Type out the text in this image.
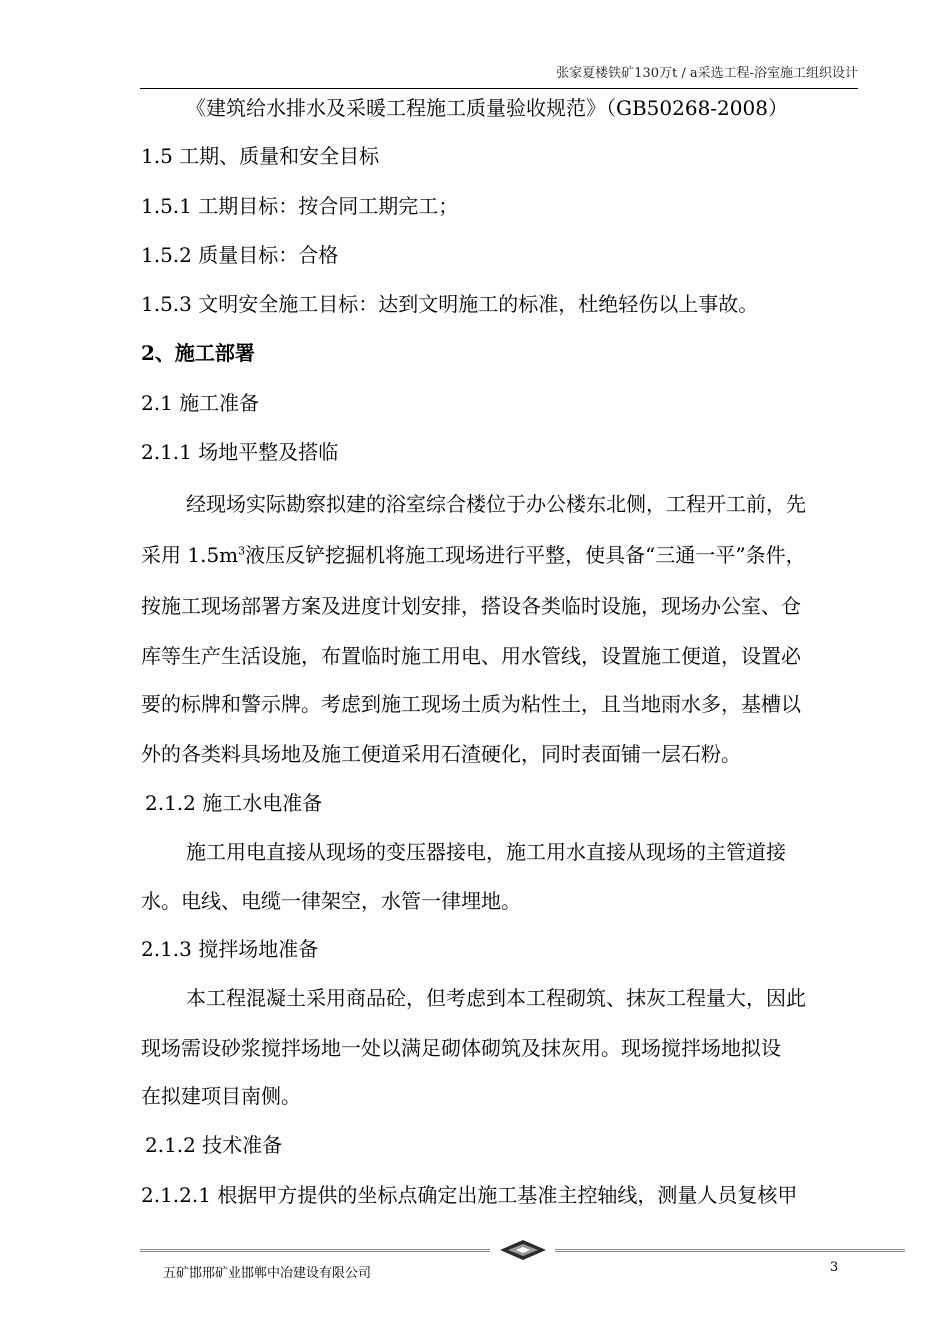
张家夏楼铁矿130万t / a采选工程-浴室施工组织设计
《建筑给水排水及采暖工程施工质量验收规范》（GB50268-2008）
1.5 工期、质量和安全目标
1.5.1 工期目标：按合同工期完工；
1.5.2 质量目标：合格
1.5.3 文明安全施工目标：达到文明施工的标准，杜绝轻伤以上事故。
2、施工部署
2.1 施工准备
2.1.1 场地平整及搭临
经现场实际勘察拟建的浴室综合楼位于办公楼东北侧，工程开工前，先
采用 $1.5m^3$液压反铲挖掘机将施工现场进行平整，使具备“三通一平”条件，
按施工现场部署方案及进度计划安排，搭设各类临时设施，现场办公室、仓
库等生产生活设施，布置临时施工用电、用水管线，设置施工便道，设置必
要的标牌和警示牌。考虑到施工现场土质为粘性土，且当地雨水多，基槽以
外的各类料具场地及施工便道采用石渣硬化，同时表面铺一层石粉。
2.1.2 施工水电准备
施工用电直接从现场的变压器接电，施工用水直接从现场的主管道接
水。电线、电缆一律架空，水管一律埋地。
2.1.3 搅拌场地准备
本工程混凝土采用商品砼，但考虑到本工程砌筑、抹灰工程量大，因此
现场需设砂浆搅拌场地一处以满足砌体砌筑及抹灰用。现场搅拌场地拟设
在拟建项目南侧。
2.1.2 技术准备
2.1.2.1 根据甲方提供的坐标点确定出施工基准主控轴线，测量人员复核甲
五矿邯邢矿业邯郸中冶建设有限公司	3
